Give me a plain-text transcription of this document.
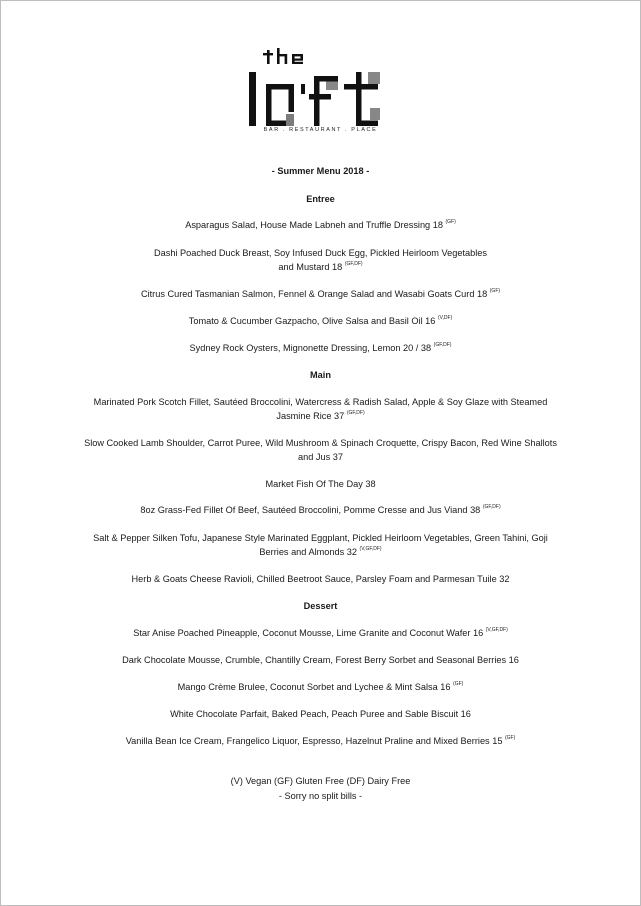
BAR . RESTAURANT . PLACE
- Summer Menu 2018 -
Entree
Asparagus Salad, House Made Labneh and Truffle Dressing 18 $^{(GF)}$
Dashi Poached Duck Breast, Soy Infused Duck Egg, Pickled Heirloom Vegetables
and Mustard 18 $^{(GF,DF)}$
Citrus Cured Tasmanian Salmon, Fennel & Orange Salad and Wasabi Goats Curd 18 $^{(GF)}$
Tomato & Cucumber Gazpacho, Olive Salsa and Basil Oil 16 $^{(V,DF)}$
Sydney Rock Oysters, Mignonette Dressing, Lemon 20 / 38 $^{(GF,DF)}$
Main
Marinated Pork Scotch Fillet, Sautéed Broccolini, Watercress & Radish Salad, Apple & Soy Glaze with Steamed
Jasmine Rice 37 $^{(GF,DF)}$
Slow Cooked Lamb Shoulder, Carrot Puree, Wild Mushroom & Spinach Croquette, Crispy Bacon, Red Wine Shallots
and Jus 37
Market Fish Of The Day 38
8oz Grass-Fed Fillet Of Beef, Sautéed Broccolini, Pomme Cresse and Jus Viand 38 $^{(GF,DF)}$
Salt & Pepper Silken Tofu, Japanese Style Marinated Eggplant, Pickled Heirloom Vegetables, Green Tahini, Goji
Berries and Almonds 32 $^{(V,GF,DF)}$
Herb & Goats Cheese Ravioli, Chilled Beetroot Sauce, Parsley Foam and Parmesan Tuile 32
Dessert
Star Anise Poached Pineapple, Coconut Mousse, Lime Granite and Coconut Wafer 16 $^{(V,GF,DF)}$
Dark Chocolate Mousse, Crumble, Chantilly Cream, Forest Berry Sorbet and Seasonal Berries 16
Mango Crème Brulee, Coconut Sorbet and Lychee & Mint Salsa 16 $^{(GF)}$
White Chocolate Parfait, Baked Peach, Peach Puree and Sable Biscuit 16
Vanilla Bean Ice Cream, Frangelico Liquor, Espresso, Hazelnut Praline and Mixed Berries 15 $^{(GF)}$
(V) Vegan (GF) Gluten Free (DF) Dairy Free
- Sorry no split bills -
